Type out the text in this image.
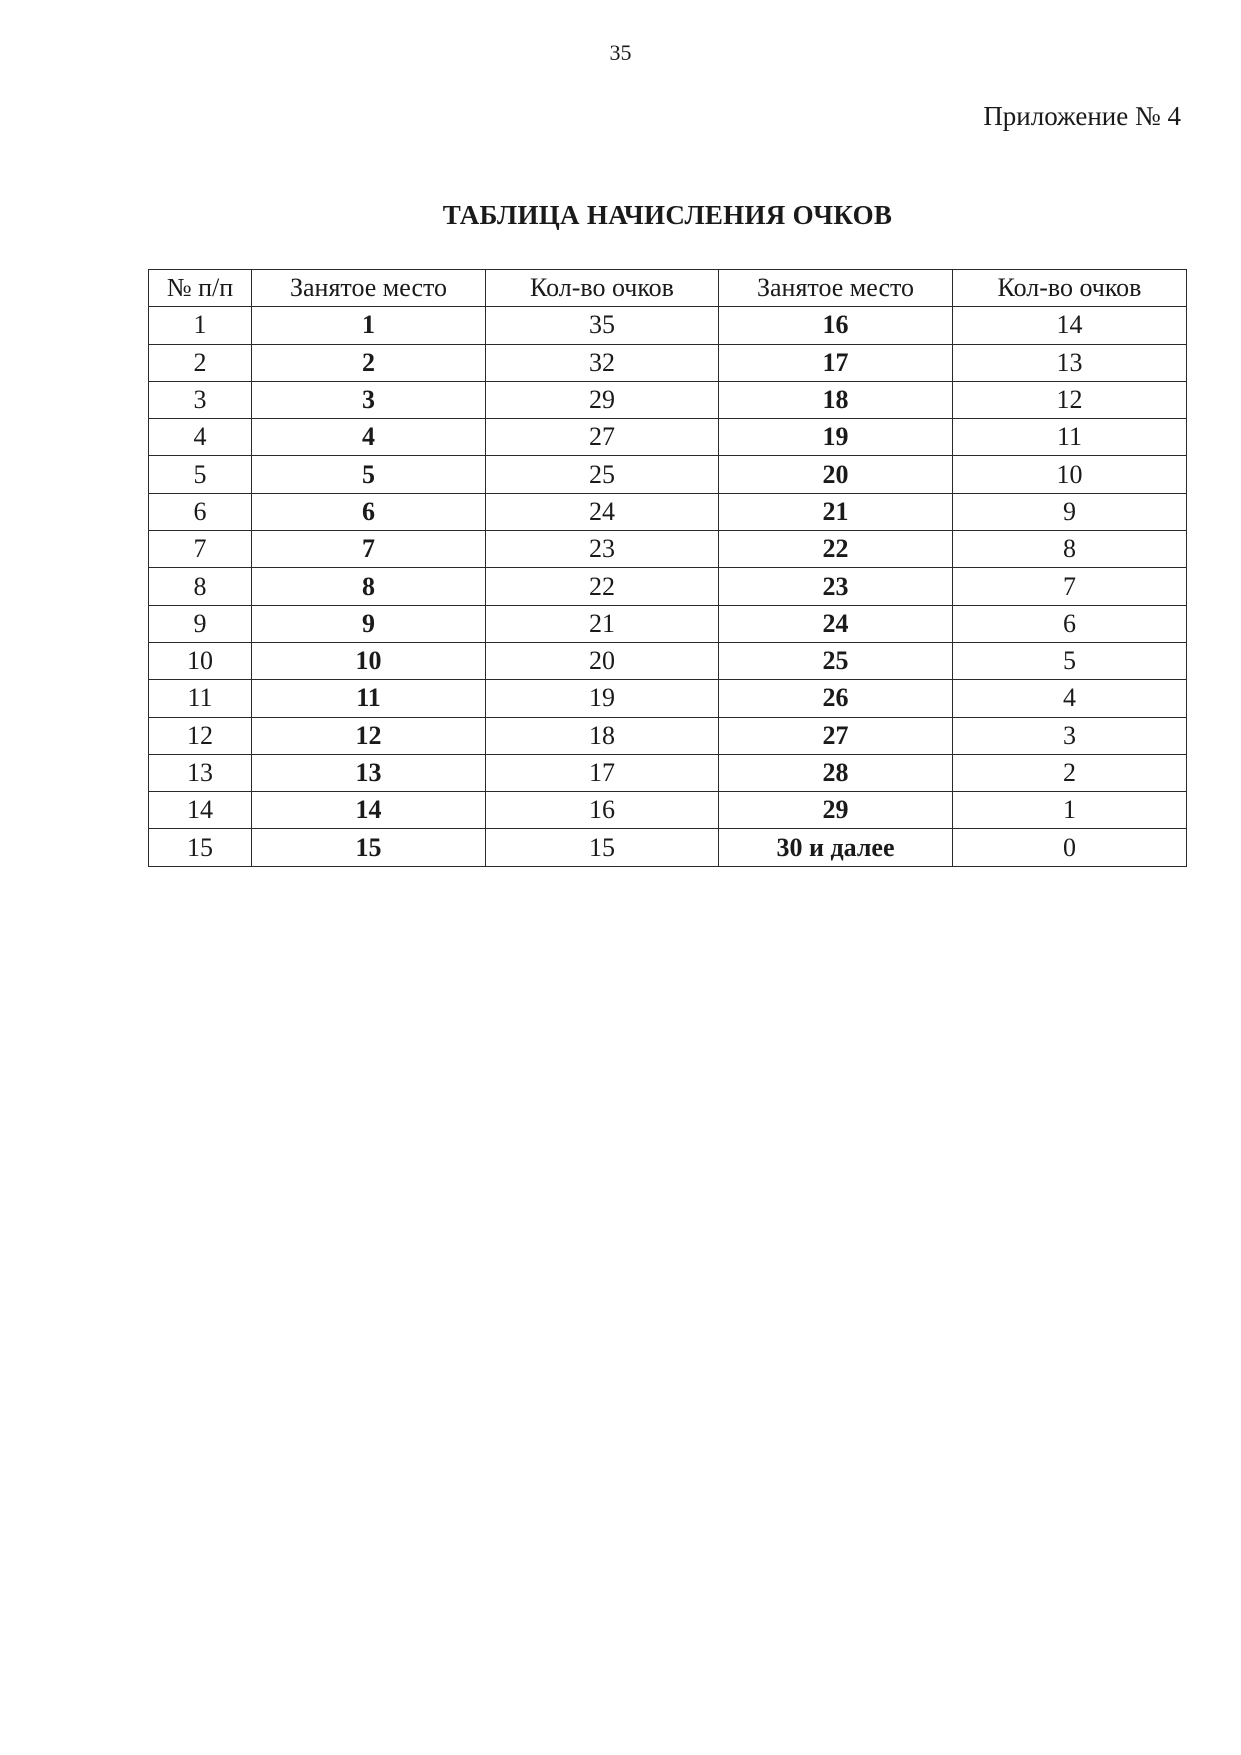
35
Приложение № 4
ТАБЛИЦА НАЧИСЛЕНИЯ ОЧКОВ
№ п/п	Занятое место	Кол-во очков	Занятое место	Кол-во очков
1	1	35	16	14
2	2	32	17	13
3	3	29	18	12
4	4	27	19	11
5	5	25	20	10
6	6	24	21	9
7	7	23	22	8
8	8	22	23	7
9	9	21	24	6
10	10	20	25	5
11	11	19	26	4
12	12	18	27	3
13	13	17	28	2
14	14	16	29	1
15	15	15	30 и далее	0
